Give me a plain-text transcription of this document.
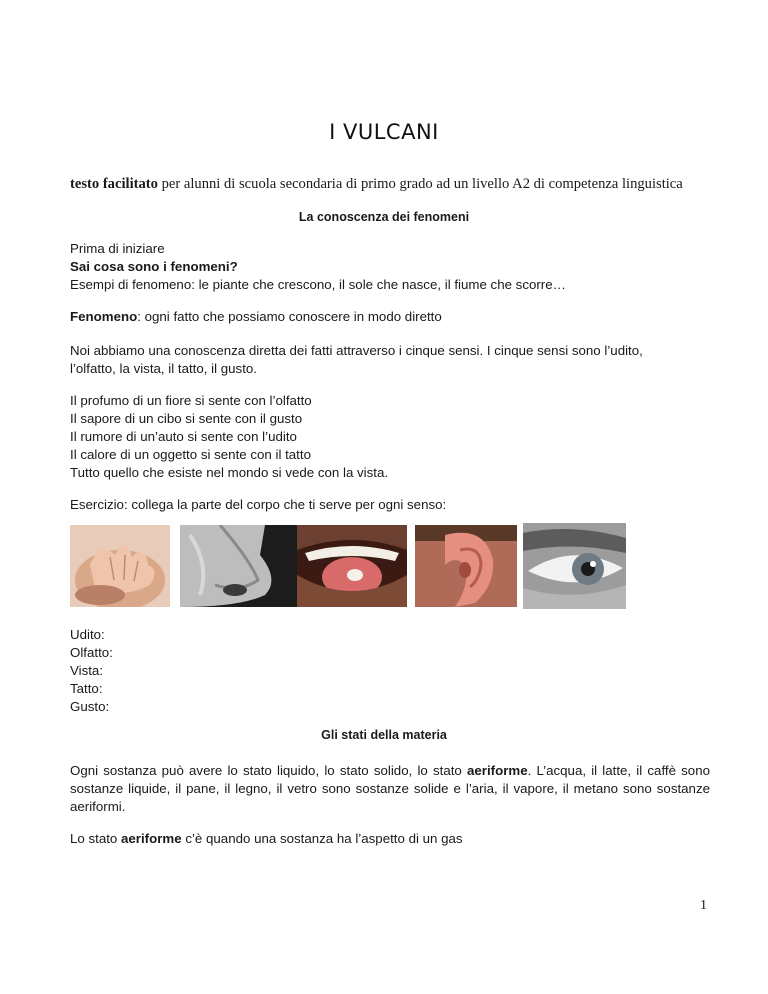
I VULCANI
testo facilitato per alunni di scuola secondaria di primo grado ad un livello A2 di competenza linguistica
La conoscenza dei fenomeni
Prima di iniziare
Sai cosa sono i fenomeni?
Esempi di fenomeno: le piante che crescono, il sole che nasce, il fiume che scorre…
Fenomeno: ogni fatto che possiamo conoscere in modo diretto
Noi abbiamo una conoscenza diretta dei fatti attraverso i cinque sensi. I cinque sensi sono l’udito,
l’olfatto, la vista, il tatto, il gusto.
Il profumo di un fiore si sente con l’olfatto
Il sapore di un cibo si sente con il gusto
Il rumore di un’auto si sente con l’udito
Il calore di un oggetto si sente con il tatto
Tutto quello che esiste nel mondo si vede con la vista.
Esercizio: collega la parte del corpo che ti serve per ogni senso:
Udito:
Olfatto:
Vista:
Tatto:
Gusto:
Gli stati della materia
Ogni sostanza può avere lo stato liquido, lo stato solido, lo stato aeriforme. L’acqua, il latte, il caffè sono sostanze liquide, il pane, il legno, il vetro sono sostanze solide e l’aria, il vapore, il metano sono sostanze aeriformi.
Lo stato aeriforme c’è quando una sostanza ha l’aspetto di un gas
1
